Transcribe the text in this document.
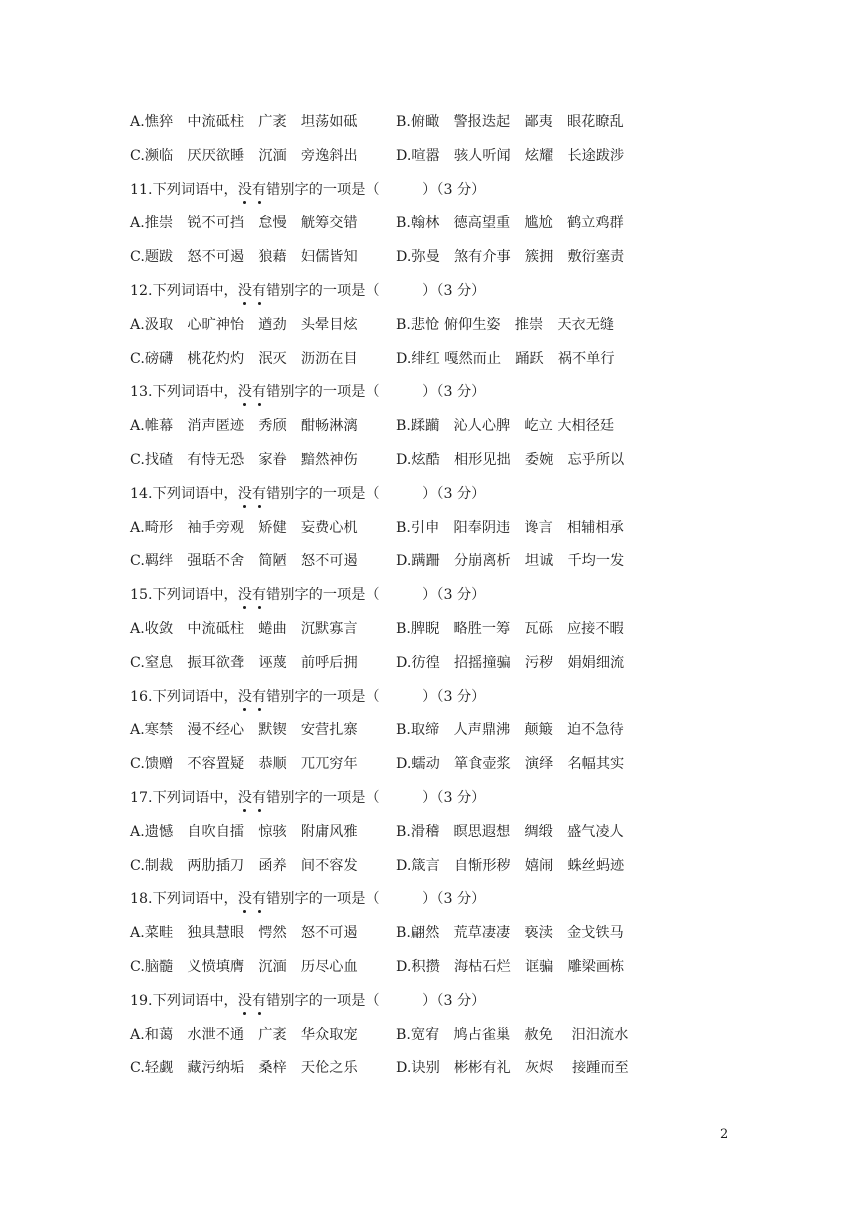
A.憔猝　中流砥柱　广袤　坦荡如砥	B.俯瞰　警报迭起　鄙夷　眼花瞭乱
C.濒临　厌厌欲睡　沉湎　旁逸斜出	D.喧嚣　骇人听闻　炫耀　长途跋涉
11.下列词语中，没有错别字的一项是（　　　）（3 分）
A.推崇　锐不可挡　怠慢　觥筹交错	B.翰林　德高望重　尴尬　鹤立鸡群
C.题跋　怒不可遏　狼藉　妇儒皆知	D.弥曼　煞有介事　簇拥　敷衍塞责
12.下列词语中，没有错别字的一项是（　　　）（3 分）
A.汲取　心旷神怡　遒劲　头晕目炫	B.悲怆 俯仰生姿　推崇　天衣无缝
C.磅礴　桃花灼灼　泯灭　沥沥在目	D.绯红 嘎然而止　踊跃　祸不单行
13.下列词语中，没有错别字的一项是（　　　）（3 分）
A.帷幕　消声匿迹　秀颀　酣畅淋漓	B.蹂躏　沁人心脾　屹立 大相径廷
C.找碴　有恃无恐　家眷　黯然神伤	D.炫酷　相形见拙　委婉　忘乎所以
14.下列词语中，没有错别字的一项是（　　　）（3 分）
A.畸形　袖手旁观　矫健　妄费心机	B.引申　阳奉阴违　谗言　相辅相承
C.羁绊　强聒不舍　简陋　怒不可遏	D.蹒跚　分崩离析　坦诚　千均一发
15.下列词语中，没有错别字的一项是（　　　）（3 分）
A.收敛　中流砥柱　蜷曲　沉默寡言	B.脾睨　略胜一筹　瓦砾　应接不暇
C.窒息　振耳欲聋　诬蔑　前呼后拥	D.彷徨　招摇撞骗　污秽　娟娟细流
16.下列词语中，没有错别字的一项是（　　　）（3 分）
A.寒禁　漫不经心　默锲　安营扎寨	B.取缔　人声鼎沸　颠簸　迫不急待
C.馈赠　不容置疑　恭顺　兀兀穷年	D.蠕动　箪食壶浆　演绎　名幅其实
17.下列词语中，没有错别字的一项是（　　　）（3 分）
A.遗憾　自吹自擂　惊骇　附庸风雅	B.滑稽　瞑思遐想　绸缎　盛气凌人
C.制裁　两肋插刀　函养　间不容发	D.箴言　自惭形秽　嬉闹　蛛丝蚂迹
18.下列词语中，没有错别字的一项是（　　　）（3 分）
A.菜畦　独具慧眼　愕然　怒不可遏	B.翩然　荒草凄凄　亵渎　金戈铁马
C.脑髓　义愤填膺　沉湎　历尽心血	D.积攒　海枯石烂　诓骗　雕梁画栋
19.下列词语中，没有错别字的一项是（　　　）（3 分）
A.和蔼　水泄不通　广袤　华众取宠	B.宽宥　鸠占雀巢　赦免　 汨汨流水
C.轻觑　藏污纳垢　桑梓　天伦之乐	D.诀别　彬彬有礼　灰烬　 接踵而至
2
